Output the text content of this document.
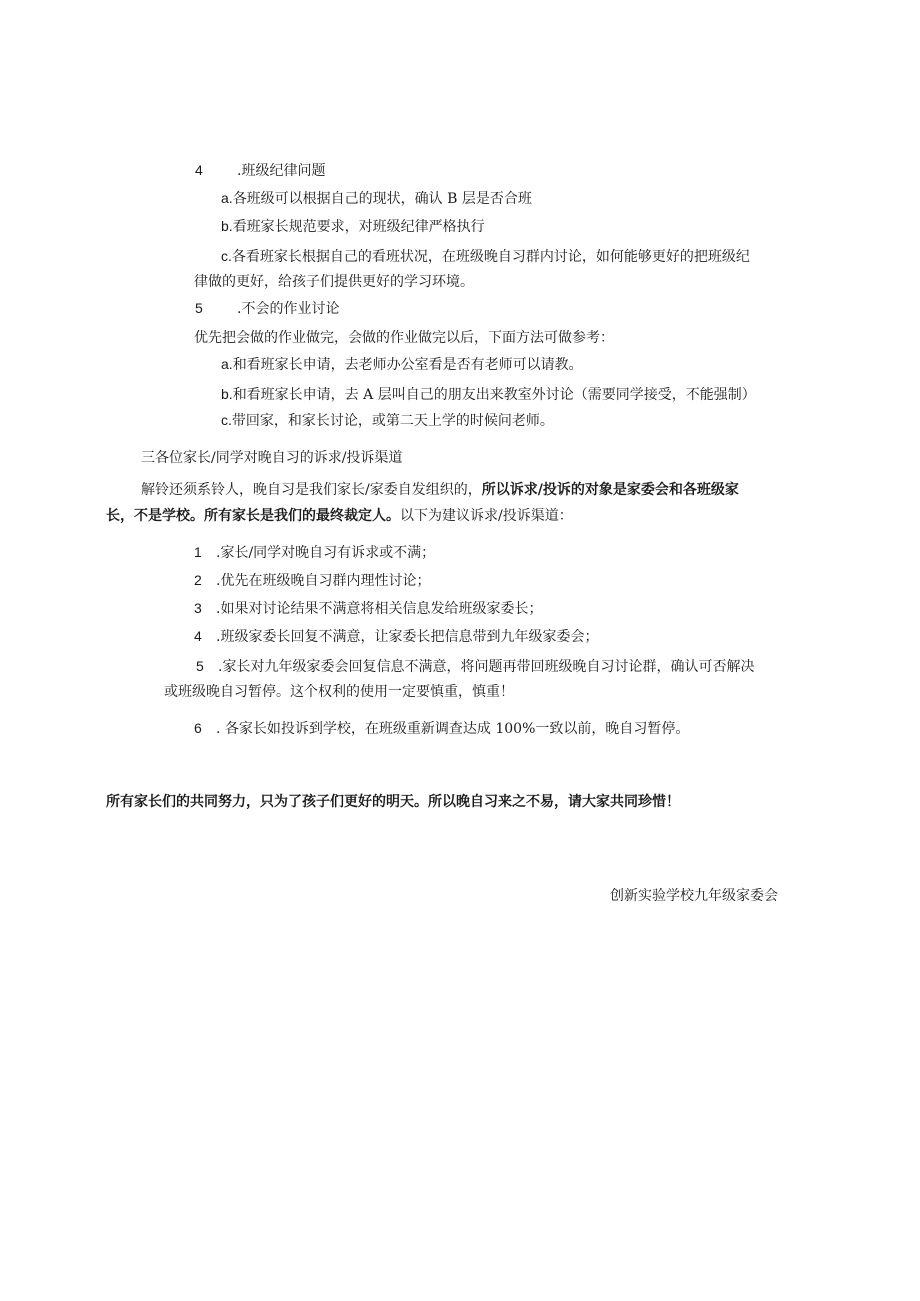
4 .班级纪律问题
a.各班级可以根据自己的现状，确认 B 层是否合班
b.看班家长规范要求，对班级纪律严格执行
c.各看班家长根据自己的看班状况，在班级晚自习群内讨论，如何能够更好的把班级纪
律做的更好，给孩子们提供更好的学习环境。
5 .不会的作业讨论
优先把会做的作业做完，会做的作业做完以后，下面方法可做参考：
a.和看班家长申请，去老师办公室看是否有老师可以请教。
b.和看班家长申请，去 A 层叫自己的朋友出来教室外讨论（需要同学接受，不能强制）
c.带回家，和家长讨论，或第二天上学的时候问老师。
三各位家长/同学对晚自习的诉求/投诉渠道
解铃还须系铃人，晚自习是我们家长/家委自发组织的，所以诉求/投诉的对象是家委会和各班级家
长，不是学校。所有家长是我们的最终裁定人。以下为建议诉求/投诉渠道：
1 .家长/同学对晚自习有诉求或不满；
2 .优先在班级晚自习群内理性讨论；
3 .如果对讨论结果不满意将相关信息发给班级家委长；
4 .班级家委长回复不满意，让家委长把信息带到九年级家委会；
5 .家长对九年级家委会回复信息不满意，将问题再带回班级晚自习讨论群，确认可否解决
或班级晚自习暂停。这个权利的使用一定要慎重，慎重！
6 . 各家长如投诉到学校，在班级重新调查达成 100%一致以前，晚自习暂停。
所有家长们的共同努力，只为了孩子们更好的明天。所以晚自习来之不易，请大家共同珍惜！
创新实验学校九年级家委会
